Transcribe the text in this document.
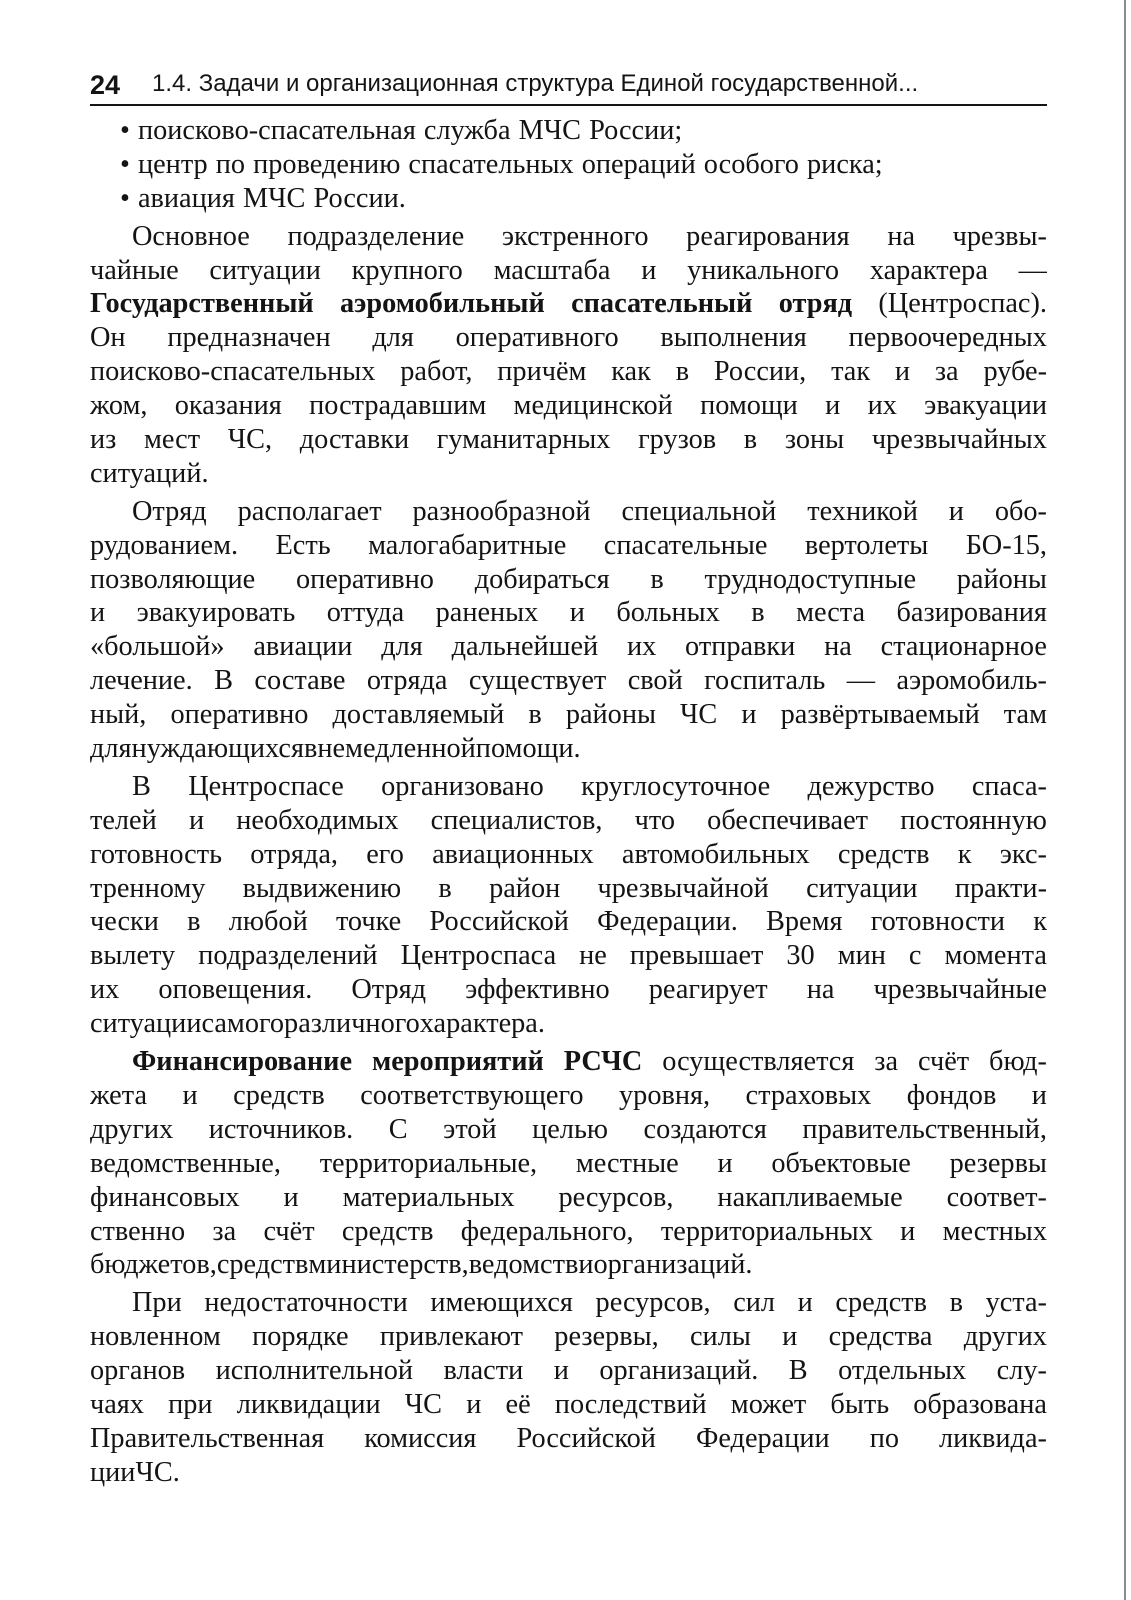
24 1.4. Задачи и организационная структура Единой государственной...
• поисково-спасательная служба МЧС России;
• центр по проведению спасательных операций особого риска;
• авиация МЧС России.
Основное подразделение экстренного реагирования на чрезвы-
чайные ситуации крупного масштаба и уникального характера —
Государственный аэромобильный спасательный отряд (Центроспас).
Он предназначен для оперативного выполнения первоочередных
поисково-спасательных работ, причём как в России, так и за рубе-
жом, оказания пострадавшим медицинской помощи и их эвакуации
из мест ЧС, доставки гуманитарных грузов в зоны чрезвычайных
ситуаций.
Отряд располагает разнообразной специальной техникой и обо-
рудованием. Есть малогабаритные спасательные вертолеты БО-15,
позволяющие оперативно добираться в труднодоступные районы
и эвакуировать оттуда раненых и больных в места базирования
«большой» авиации для дальнейшей их отправки на стационарное
лечение. В составе отряда существует свой госпиталь — аэромобиль-
ный, оперативно доставляемый в районы ЧС и развёртываемый там
для нуждающихся в немедленной помощи.
В Центроспасе организовано круглосуточное дежурство спаса-
телей и необходимых специалистов, что обеспечивает постоянную
готовность отряда, его авиационных автомобильных средств к экс-
тренному выдвижению в район чрезвычайной ситуации практи-
чески в любой точке Российской Федерации. Время готовности к
вылету подразделений Центроспаса не превышает 30 мин с момента
их оповещения. Отряд эффективно реагирует на чрезвычайные
ситуации самого различного характера.
Финансирование мероприятий РСЧС осуществляется за счёт бюд-
жета и средств соответствующего уровня, страховых фондов и
других источников. С этой целью создаются правительственный,
ведомственные, территориальные, местные и объектовые резервы
финансовых и материальных ресурсов, накапливаемые соответ-
ственно за счёт средств федерального, территориальных и местных
бюджетов, средств министерств, ведомств и организаций.
При недостаточности имеющихся ресурсов, сил и средств в уста-
новленном порядке привлекают резервы, силы и средства других
органов исполнительной власти и организаций. В отдельных слу-
чаях при ликвидации ЧС и её последствий может быть образована
Правительственная комиссия Российской Федерации по ликвида-
ции ЧС.
